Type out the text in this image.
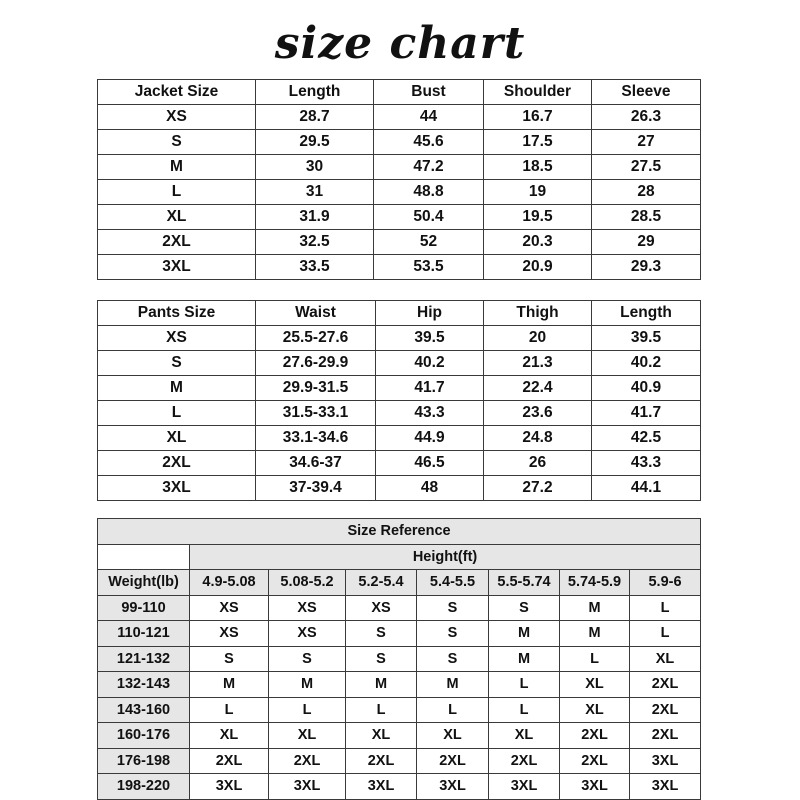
size chart
Jacket Size	Length	Bust	Shoulder	Sleeve
XS	28.7	44	16.7	26.3
S	29.5	45.6	17.5	27
M	30	47.2	18.5	27.5
L	31	48.8	19	28
XL	31.9	50.4	19.5	28.5
2XL	32.5	52	20.3	29
3XL	33.5	53.5	20.9	29.3
Pants Size	Waist	Hip	Thigh	Length
XS	25.5-27.6	39.5	20	39.5
S	27.6-29.9	40.2	21.3	40.2
M	29.9-31.5	41.7	22.4	40.9
L	31.5-33.1	43.3	23.6	41.7
XL	33.1-34.6	44.9	24.8	42.5
2XL	34.6-37	46.5	26	43.3
3XL	37-39.4	48	27.2	44.1
Size Reference							
	Height(ft)						
Weight(lb)	4.9-5.08	5.08-5.2	5.2-5.4	5.4-5.5	5.5-5.74	5.74-5.9	5.9-6
99-110	XS	XS	XS	S	S	M	L
110-121	XS	XS	S	S	M	M	L
121-132	S	S	S	S	M	L	XL
132-143	M	M	M	M	L	XL	2XL
143-160	L	L	L	L	L	XL	2XL
160-176	XL	XL	XL	XL	XL	2XL	2XL
176-198	2XL	2XL	2XL	2XL	2XL	2XL	3XL
198-220	3XL	3XL	3XL	3XL	3XL	3XL	3XL
